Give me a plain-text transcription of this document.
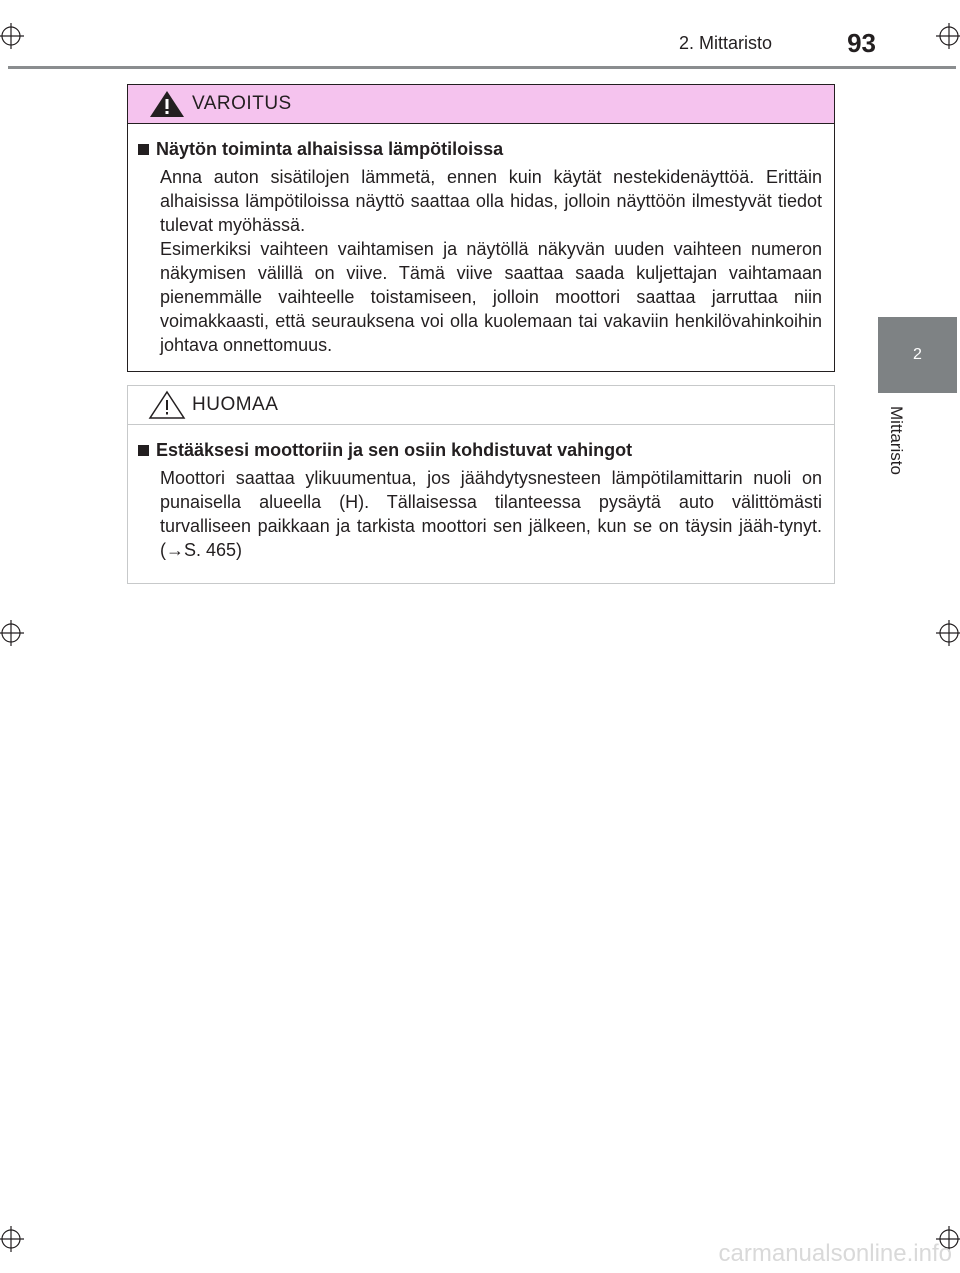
2. Mittaristo	93
2
Mittaristo
VAROITUS
Näytön toiminta alhaisissa lämpötiloissa

Anna auton sisätilojen lämmetä, ennen kuin käytät nestekidenäyttöä. Erittäin alhaisissa lämpötiloissa näyttö saattaa olla hidas, jolloin näyttöön ilmestyvät tiedot tulevat myöhässä.

Esimerkiksi vaihteen vaihtamisen ja näytöllä näkyvän uuden vaihteen numeron näkymisen välillä on viive. Tämä viive saattaa saada kuljettajan vaihtamaan pienemmälle vaihteelle toistamiseen, jolloin moottori saattaa jarruttaa niin voimakkaasti, että seurauksena voi olla kuolemaan tai vakaviin henkilövahinkoihin johtava onnettomuus.

HUOMAA
Estääksesi moottoriin ja sen osiin kohdistuvat vahingot

Moottori saattaa ylikuumentua, jos jäähdytysnesteen lämpötilamittarin nuoli on punaisella alueella (H). Tällaisessa tilanteessa pysäytä auto välittömästi turvalliseen paikkaan ja tarkista moottori sen jälkeen, kun se on täysin jääh-tynyt. (→S. 465)

carmanualsonline.info
